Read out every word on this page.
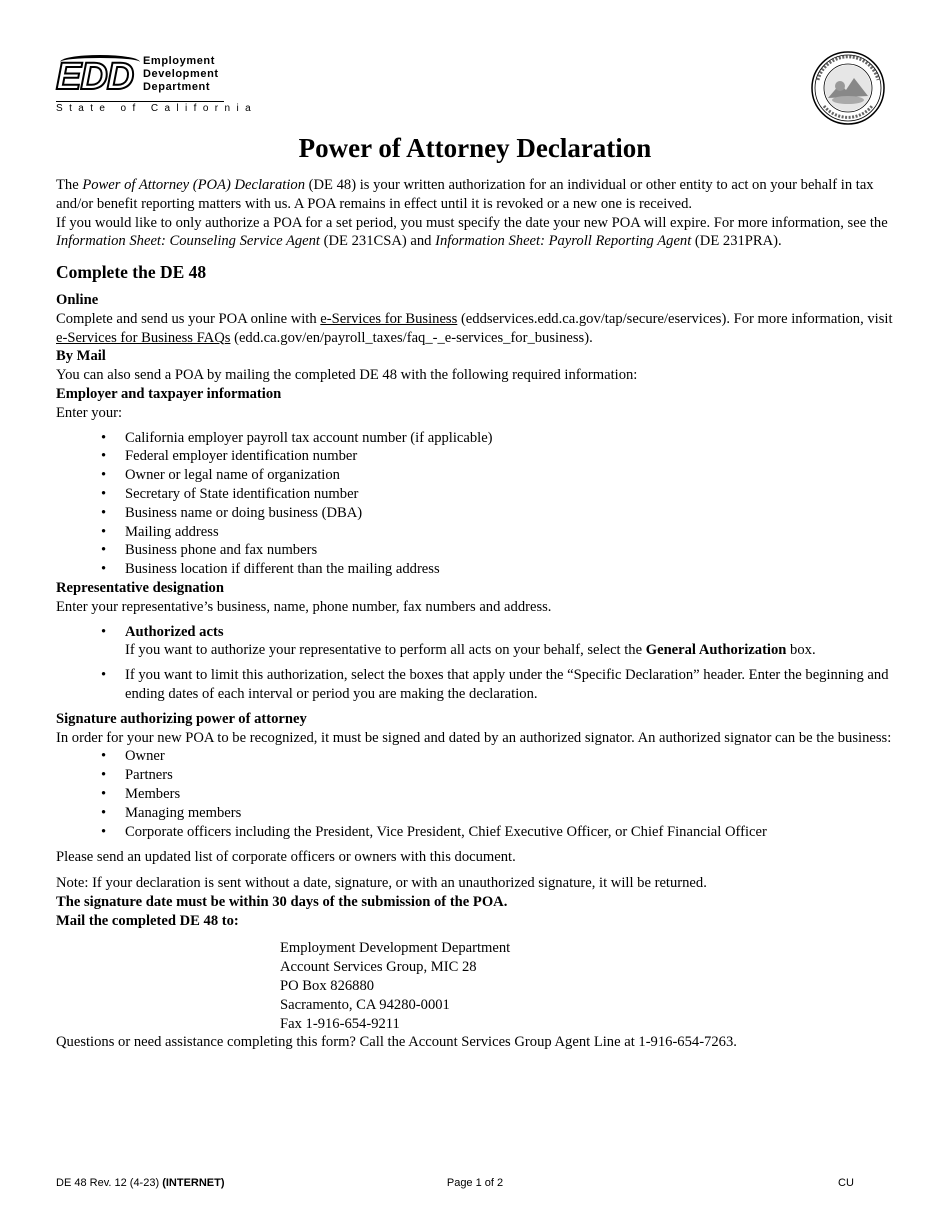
EDD Employment
Development
Department
State of California
Power of Attorney Declaration

The Power of Attorney (POA) Declaration (DE 48) is your written authorization for an individual or other entity to act on your behalf in tax and/or benefit reporting matters with us. A POA remains in effect until it is revoked or a new one is received.

If you would like to only authorize a POA for a set period, you must specify the date your new POA will expire. For more information, see the Information Sheet: Counseling Service Agent (DE 231CSA) and Information Sheet: Payroll Reporting Agent (DE 231PRA).

Complete the DE 48

Online

Complete and send us your POA online with e-Services for Business (eddservices.edd.ca.gov/tap/secure/eservices). For more information, visit e-Services for Business FAQs (edd.ca.gov/en/payroll_taxes/faq_-_e-services_for_business).

By Mail

You can also send a POA by mailing the completed DE 48 with the following required information:

Employer and taxpayer information

Enter your:

• California employer payroll tax account number (if applicable)
• Federal employer identification number
• Owner or legal name of organization
• Secretary of State identification number
• Business name or doing business (DBA)
• Mailing address
• Business phone and fax numbers
• Business location if different than the mailing address

Representative designation

Enter your representative’s business, name, phone number, fax numbers and address.

• Authorized acts
If you want to authorize your representative to perform all acts on your behalf, select the General Authorization box.
• If you want to limit this authorization, select the boxes that apply under the “Specific Declaration” header. Enter the beginning and ending dates of each interval or period you are making the declaration.

Signature authorizing power of attorney

In order for your new POA to be recognized, it must be signed and dated by an authorized signator. An authorized signator can be the business:

• Owner
• Partners
• Members
• Managing members
• Corporate officers including the President, Vice President, Chief Executive Officer, or Chief Financial Officer

Please send an updated list of corporate officers or owners with this document.

Note: If your declaration is sent without a date, signature, or with an unauthorized signature, it will be returned.

The signature date must be within 30 days of the submission of the POA.

Mail the completed DE 48 to:

Employment Development Department

Account Services Group, MIC 28

PO Box 826880

Sacramento, CA 94280-0001

Fax 1-916-654-9211

Questions or need assistance completing this form? Call the Account Services Group Agent Line at 1-916-654-7263.

Page 1 of 2
DE 48 Rev. 12 (4-23) (INTERNET)	CU
